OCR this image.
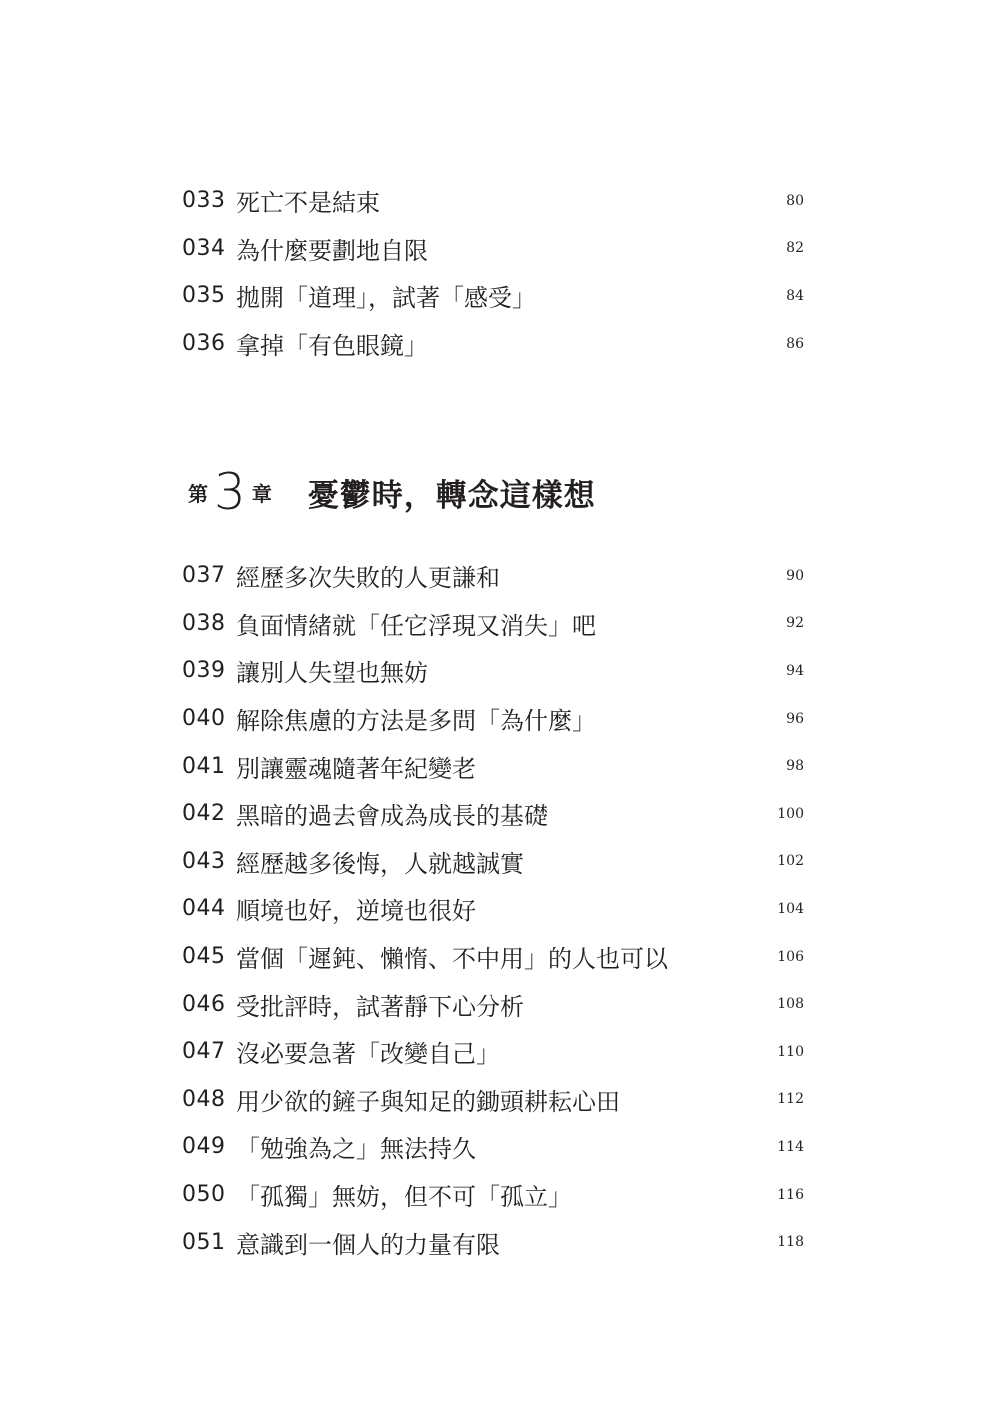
033 死亡不是結束	80
034 為什麼要劃地自限	82
035 拋開「道理」，試著「感受」	84
036 拿掉「有色眼鏡」	86
第 3 章 憂鬱時，轉念這樣想
037 經歷多次失敗的人更謙和	90
038 負面情緒就「任它浮現又消失」吧	92
039 讓別人失望也無妨	94
040 解除焦慮的方法是多問「為什麼」	96
041 別讓靈魂隨著年紀變老	98
042 黑暗的過去會成為成長的基礎	100
043 經歷越多後悔，人就越誠實	102
044 順境也好，逆境也很好	104
045 當個「遲鈍、懶惰、不中用」的人也可以	106
046 受批評時，試著靜下心分析	108
047 沒必要急著「改變自己」	110
048 用少欲的鏟子與知足的鋤頭耕耘心田	112
049 「勉強為之」無法持久	114
050 「孤獨」無妨，但不可「孤立」	116
051 意識到一個人的力量有限	118
